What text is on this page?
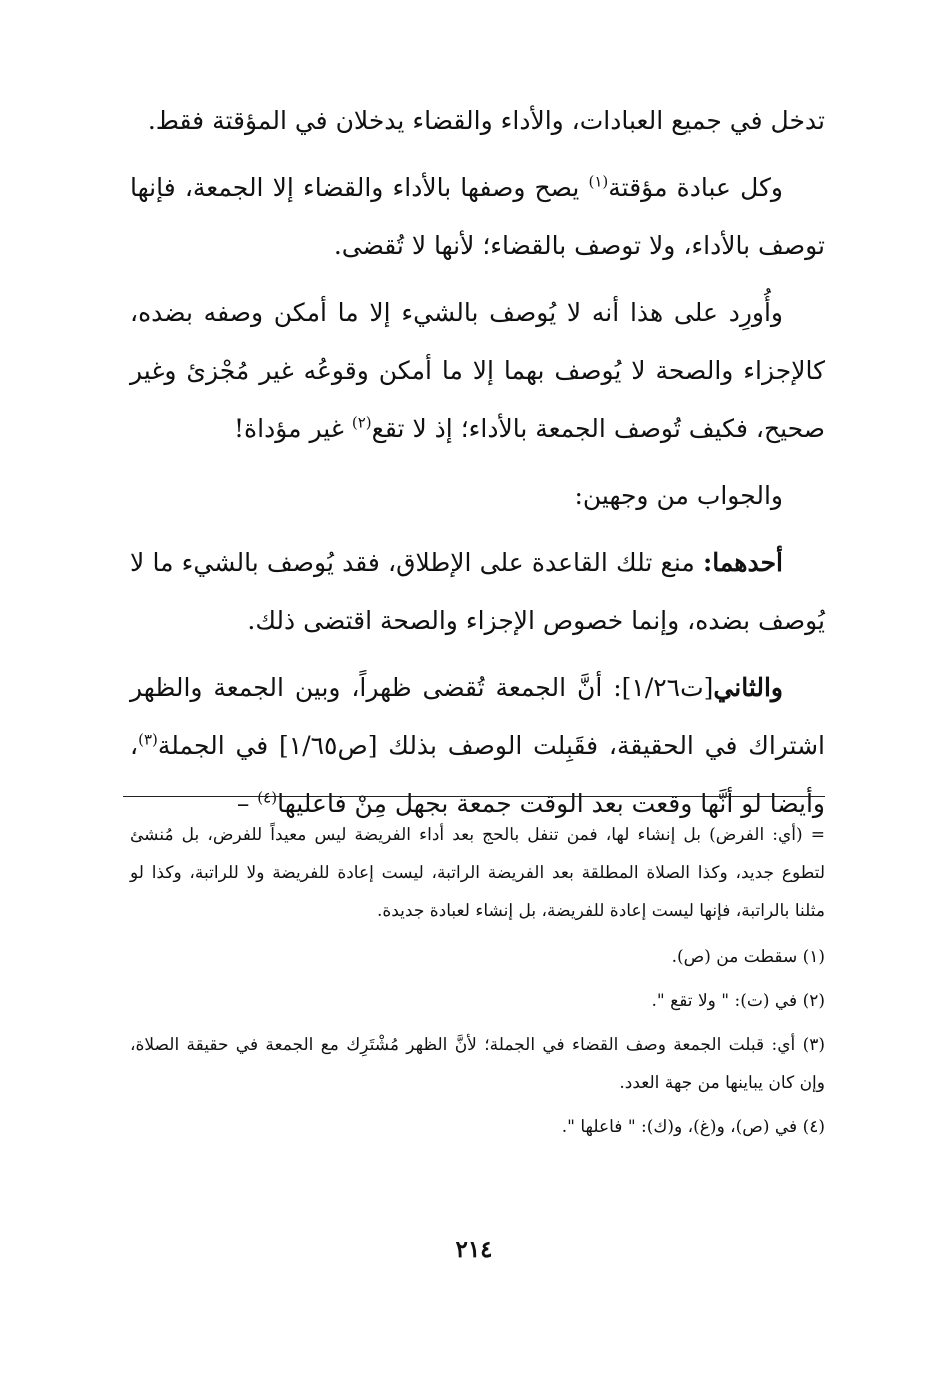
تدخل في جميع العبادات، والأداء والقضاء يدخلان في المؤقتة فقط.

وكل عبادة مؤقتة$^{(١)}$ يصح وصفها بالأداء والقضاء إلا الجمعة، فإنها توصف بالأداء، ولا توصف بالقضاء؛ لأنها لا تُقضى.

وأُورِد على هذا أنه لا يُوصف بالشيء إلا ما أمكن وصفه بضده، كالإجزاء والصحة لا يُوصف بهما إلا ما أمكن وقوعُه غير مُجْزئ وغير صحيح، فكيف تُوصف الجمعة بالأداء؛ إذ لا تقع$^{(٢)}$ غير مؤداة!

والجواب من وجهين:

أحدهما: منع تلك القاعدة على الإطلاق، فقد يُوصف بالشيء ما لا يُوصف بضده، وإنما خصوص الإجزاء والصحة اقتضى ذلك.

والثاني[ت١/٢٦]: أنَّ الجمعة تُقضى ظهراً، وبين الجمعة والظهر اشتراك في الحقيقة، فقَبِلت الوصف بذلك [ص١/٦٥] في الجملة$^{(٣)}$، وأيضا لو أنَّها وقعت بعد الوقت جمعة بجهل مِنْ فاعليها$^{(٤)}$ –

= (أي: الفرض) بل إنشاء لها، فمن تنفل بالحج بعد أداء الفريضة ليس معيداً للفرض، بل مُنشئ لتطوع جديد، وكذا الصلاة المطلقة بعد الفريضة الراتبة، ليست إعادة للفريضة ولا للراتبة، وكذا لو مثلنا بالراتبة، فإنها ليست إعادة للفريضة، بل إنشاء لعبادة جديدة.

(١) سقطت من (ص).

(٢) في (ت): " ولا تقع ".

(٣) أي: قبلت الجمعة وصف القضاء في الجملة؛ لأنَّ الظهر مُشْتَرِك مع الجمعة في حقيقة الصلاة، وإن كان يباينها من جهة العدد.

(٤) في (ص)، و(غ)، و(ك): " فاعلها ".

٢١٤
